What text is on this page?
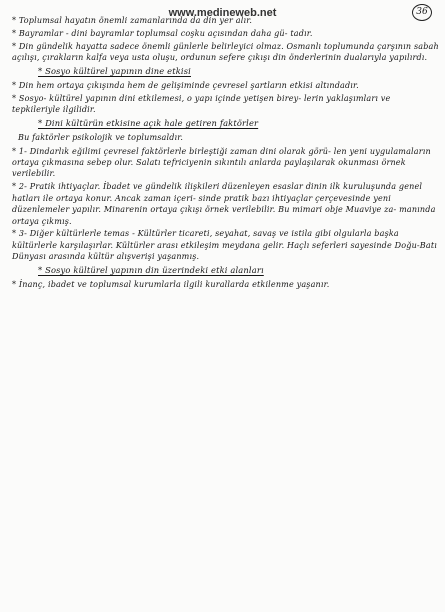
www.medineweb.net	36

* Toplumsal hayatın önemli zamanlarında da din yer alır.

* Bayramlar - dini bayramlar toplumsal coşku açısından daha gü- tadır.

* Din gündelik hayatta sadece önemli günlerle belirleyici olmaz. Osmanlı toplumunda çarşının sabah açılışı, çırakların kalfa veya usta oluşu, ordunun sefere çıkışı din önderlerinin dualarıyla yapılırdı.

* Sosyo kültürel yapının dine etkisi

* Din hem ortaya çıkışında hem de gelişiminde çevresel şartların etkisi altındadır.

* Sosyo- kültürel yapının dini etkilemesi, o yapı içinde yetişen birey- lerin yaklaşımları ve tepkileriyle ilgilidir.

* Dini kültürün etkisine açık hale getiren faktörler

Bu faktörler psikolojik ve toplumsaldır.

* 1- Dindarlık eğilimi çevresel faktörlerle birleştiği zaman dini olarak görü- len yeni uygulamaların ortaya çıkmasına sebep olur. Salatı tefriciyenin sıkıntılı anlarda paylaşılarak okunması örnek verilebilir.

* 2- Pratik ihtiyaçlar. İbadet ve gündelik ilişkileri düzenleyen esaslar dinin ilk kuruluşunda genel hatları ile ortaya konur. Ancak zaman içeri- sinde pratik bazı ihtiyaçlar çerçevesinde yeni düzenlemeler yapılır. Minarenin ortaya çıkışı örnek verilebilir. Bu mimari obje Muaviye za- manında ortaya çıkmış.

* 3- Diğer kültürlerle temas - Kültürler ticareti, seyahat, savaş ve istila gibi olgularla başka kültürlerle karşılaşırlar. Kültürler arası etkileşim meydana gelir. Haçlı seferleri sayesinde Doğu-Batı Dünyası arasında kültür alışverişi yaşanmış.

* Sosyo kültürel yapının din üzerindeki etki alanları

* İnanç, ibadet ve toplumsal kurumlarla ilgili kurallarda etkilenme yaşanır.
